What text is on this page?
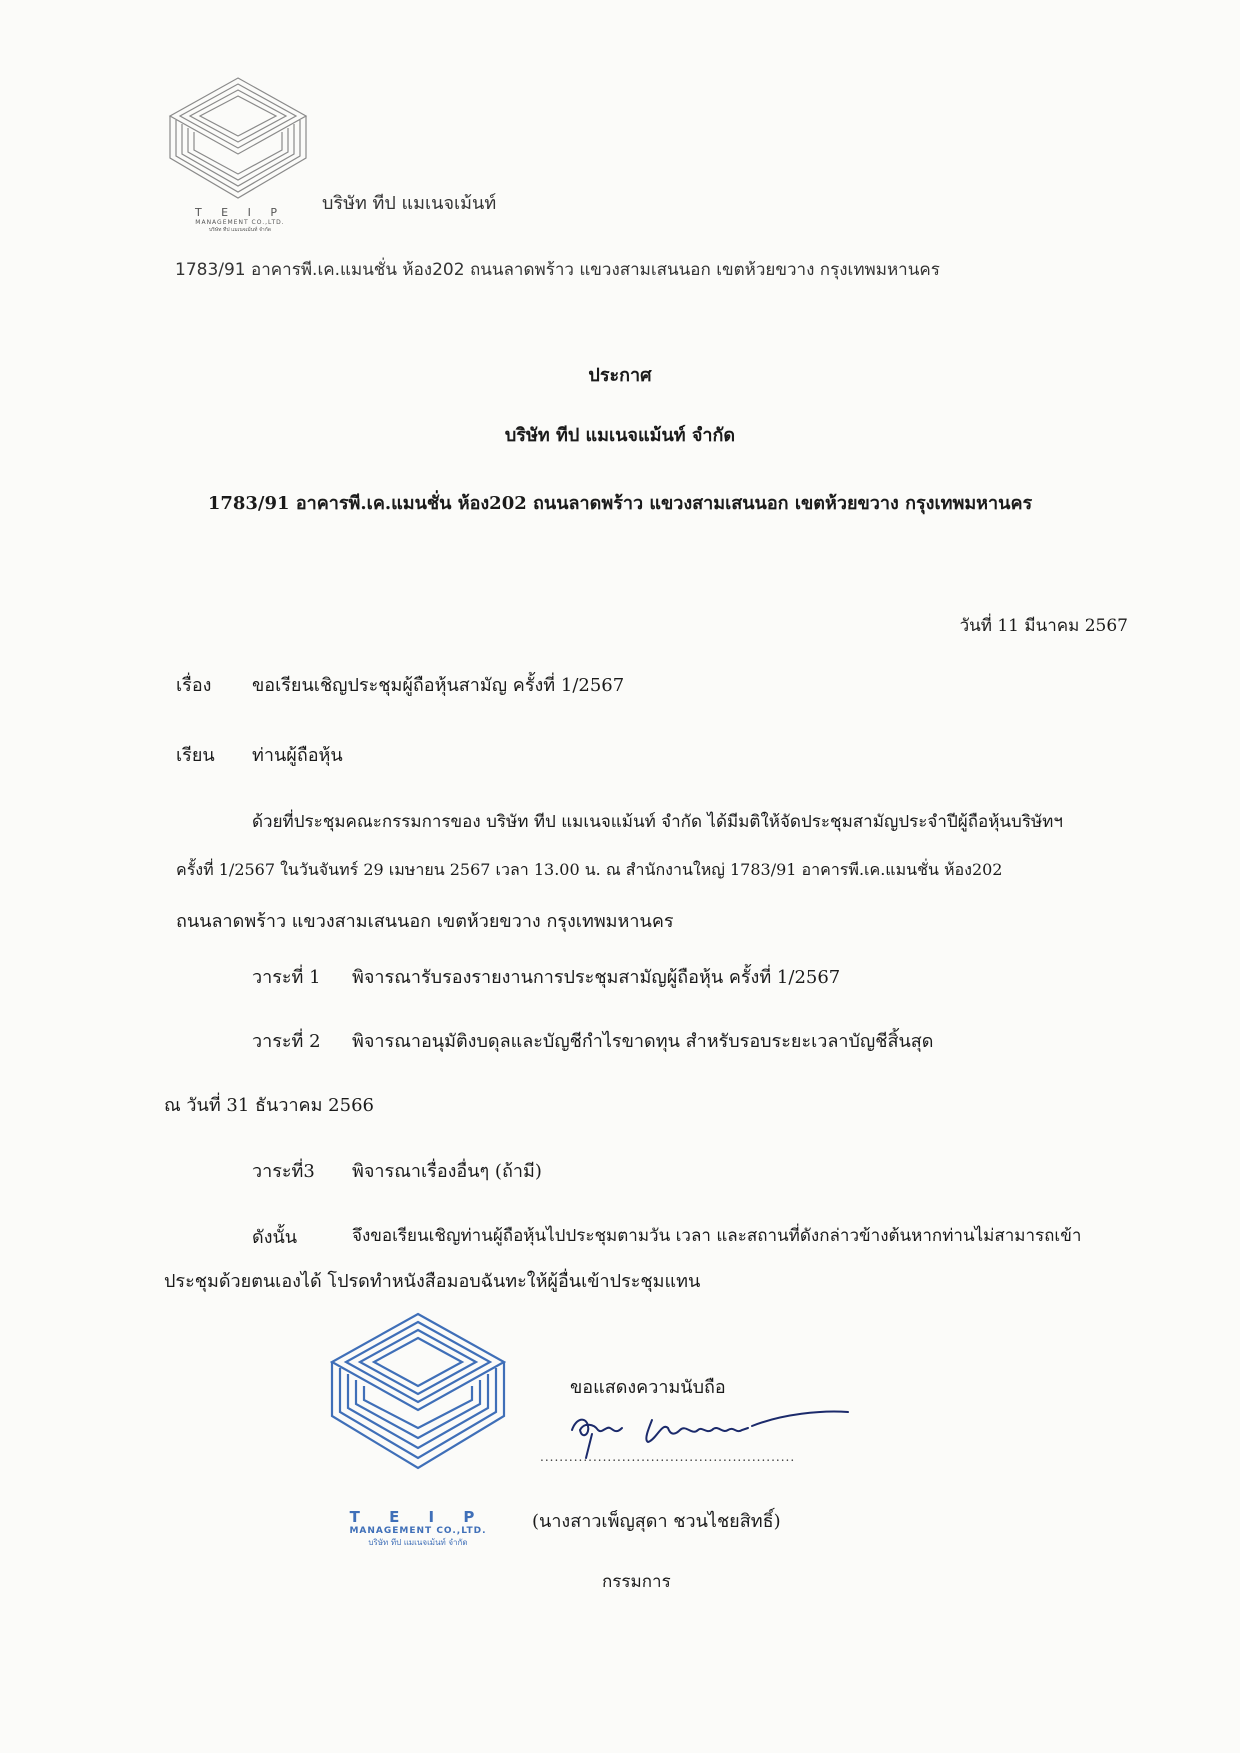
T E I P
MANAGEMENT CO.,LTD.
บริษัท ทีป แมเนจเม้นท์ จำกัด
บริษัท ทีป แมเนจเม้นท์
1783/91 อาคารพี.เค.แมนชั่น ห้อง202 ถนนลาดพร้าว แขวงสามเสนนอก เขตห้วยขวาง กรุงเทพมหานคร
ประกาศ
บริษัท ทีป แมเนจแม้นท์ จำกัด
1783/91 อาคารพี.เค.แมนชั่น ห้อง202 ถนนลาดพร้าว แขวงสามเสนนอก เขตห้วยขวาง กรุงเทพมหานคร
วันที่ 11 มีนาคม 2567
เรื่อง ขอเรียนเชิญประชุมผู้ถือหุ้นสามัญ ครั้งที่ 1/2567
เรียน ท่านผู้ถือหุ้น
ด้วยที่ประชุมคณะกรรมการของ บริษัท ทีป แมเนจแม้นท์ จำกัด ได้มีมติให้จัดประชุมสามัญประจำปีผู้ถือหุ้นบริษัทฯ
ครั้งที่ 1/2567 ในวันจันทร์ 29 เมษายน 2567 เวลา 13.00 น. ณ สำนักงานใหญ่ 1783/91 อาคารพี.เค.แมนชั่น ห้อง202
ถนนลาดพร้าว แขวงสามเสนนอก เขตห้วยขวาง กรุงเทพมหานคร
วาระที่ 1 พิจารณารับรองรายงานการประชุมสามัญผู้ถือหุ้น ครั้งที่ 1/2567
วาระที่ 2 พิจารณาอนุมัติงบดุลและบัญชีกำไรขาดทุน สำหรับรอบระยะเวลาบัญชีสิ้นสุด
ณ วันที่ 31 ธันวาคม 2566
วาระที่3 พิจารณาเรื่องอื่นๆ (ถ้ามี)
ดังนั้น	จึงขอเรียนเชิญท่านผู้ถือหุ้นไปประชุมตามวัน เวลา และสถานที่ดังกล่าวข้างต้นหากท่านไม่สามารถเข้า
ประชุมด้วยตนเองได้ โปรดทำหนังสือมอบฉันทะให้ผู้อื่นเข้าประชุมแทน
T E I P
MANAGEMENT CO.,LTD.
บริษัท ทีป แมเนจเม้นท์ จำกัด
ขอแสดงความนับถือ
.....................................................
(นางสาวเพ็ญสุดา ชวนไชยสิทธิ์)
กรรมการ
